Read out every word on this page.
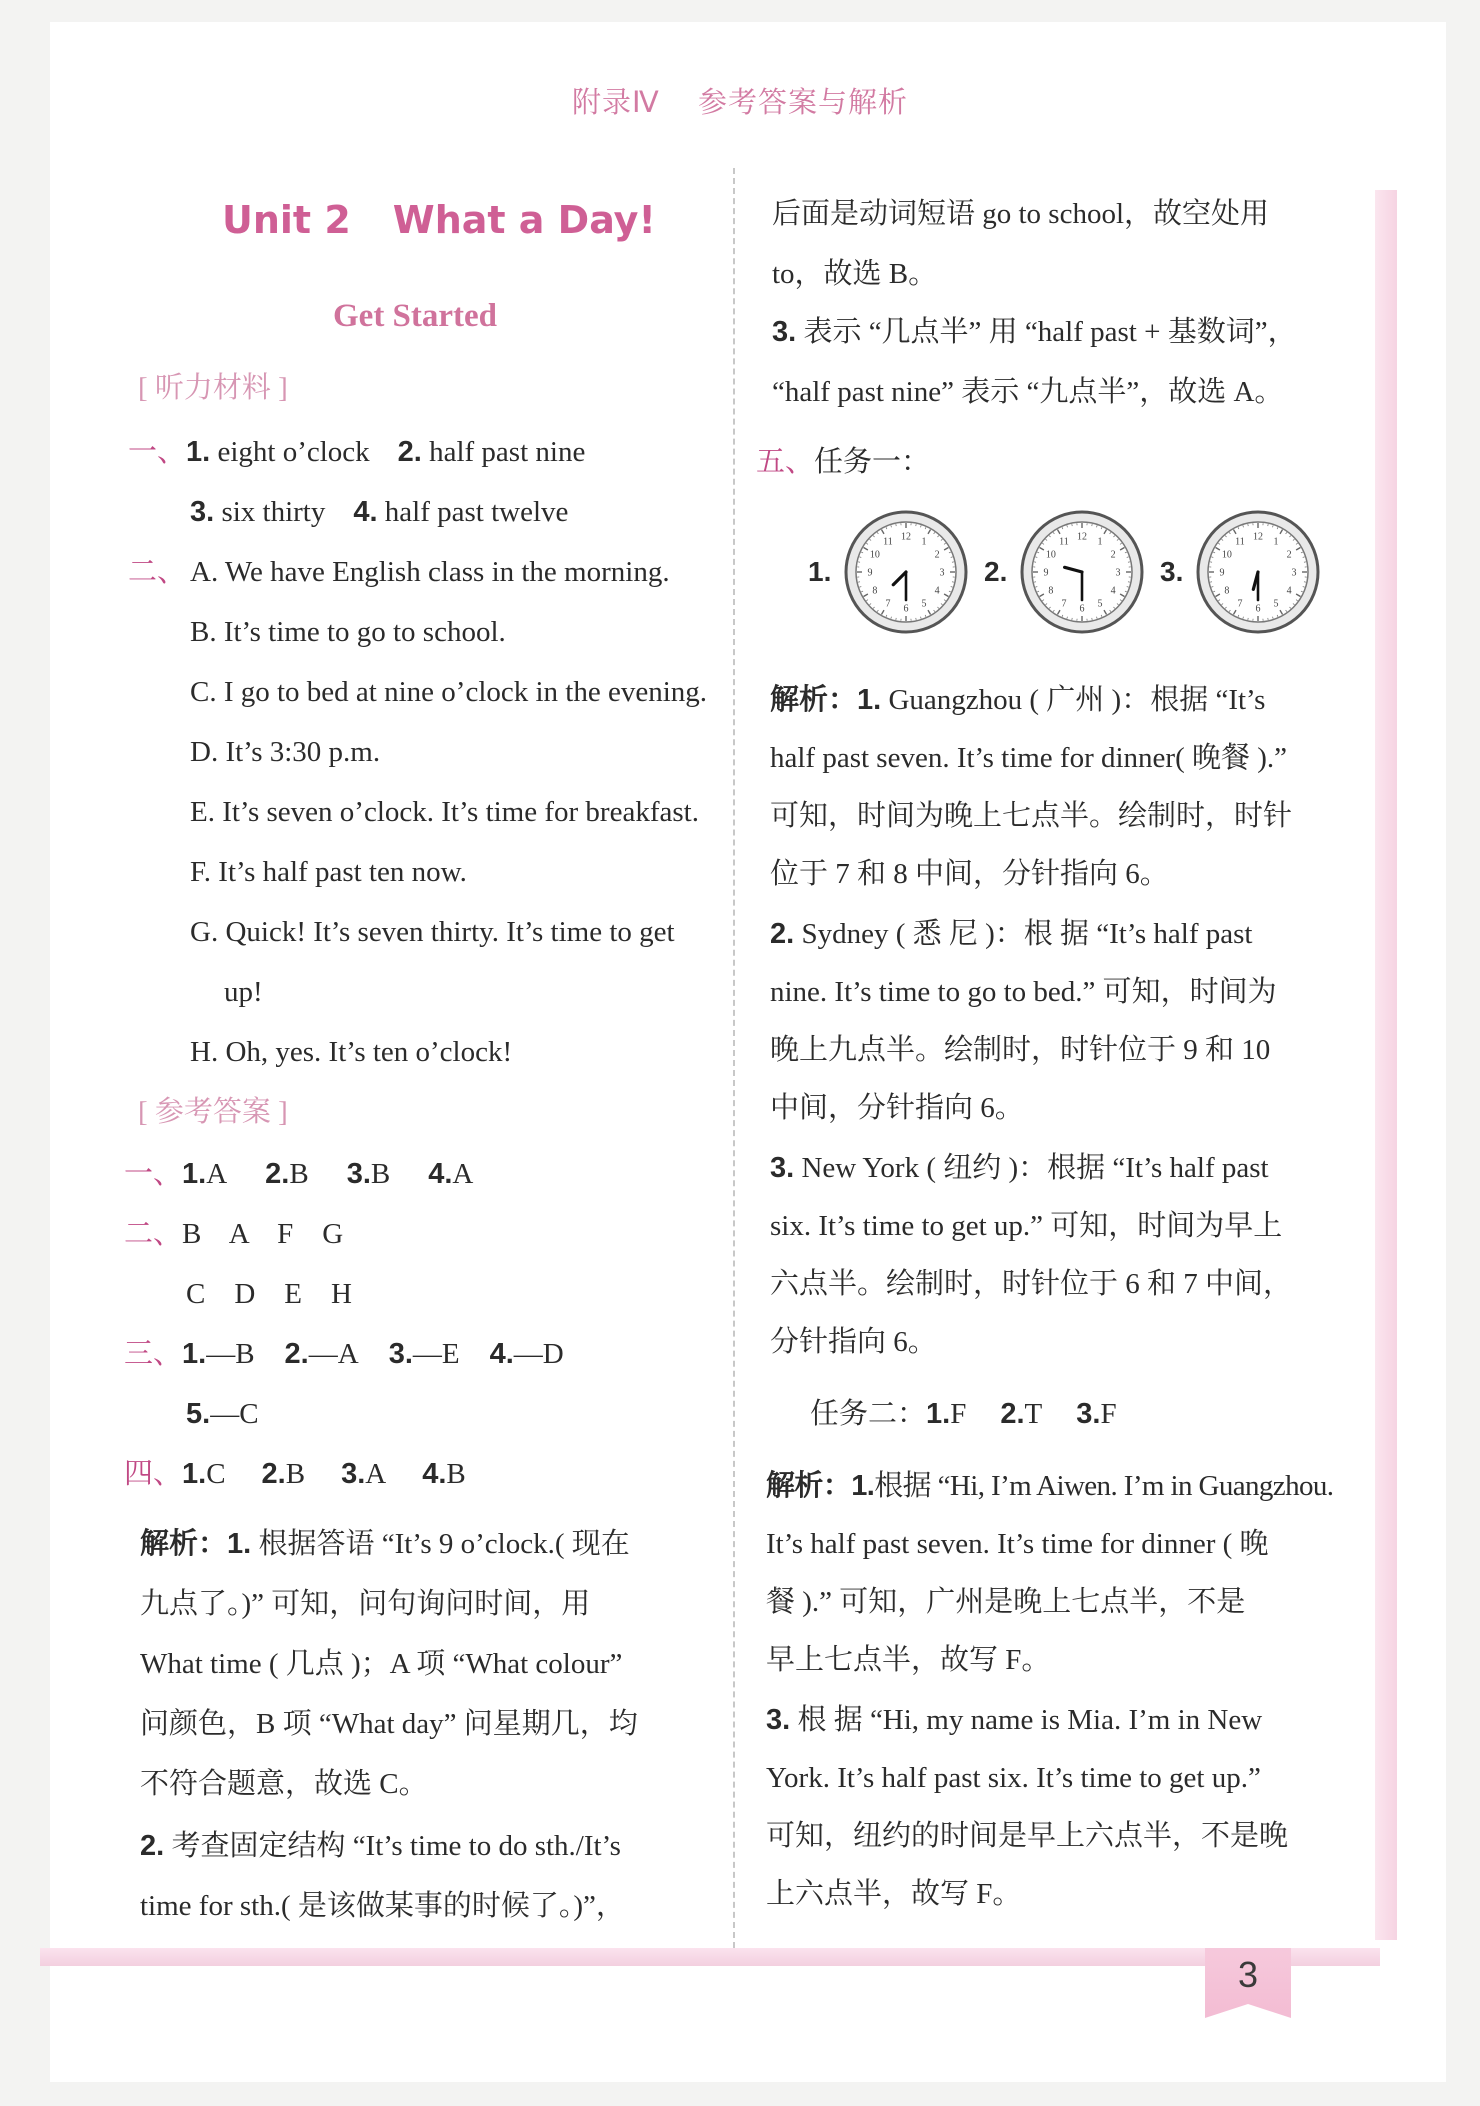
附录Ⅳ 参考答案与解析
Unit 2 What a Day!
Get Started
[ 听力材料 ]
一、1. eight o’clock 2. half past nine
3. six thirty 4. half past twelve
二、 A. We have English class in the morning.
B. It’s time to go to school.
C. I go to bed at nine o’clock in the evening.
D. It’s 3:30 p.m.
E. It’s seven o’clock. It’s time for breakfast.
F. It’s half past ten now.
G. Quick! It’s seven thirty. It’s time to get
up!
H. Oh, yes. It’s ten o’clock!
[ 参考答案 ]
一、1.A 2.B 3.B 4.A
二、B    A    F    G
C    D    E    H
三、1.—B 2.—A 3.—E 4.—D
5.—C
四、1.C 2.B 3.A 4.B
解析：1. 根据答语 “It’s 9 o’clock.( 现在
九点了。)” 可知，问句询问时间，用
What time ( 几点 )；A 项 “What colour”
问颜色，B 项 “What day” 问星期几，均
不符合题意，故选 C。
2. 考查固定结构 “It’s time to do sth./It’s
time for sth.( 是该做某事的时候了。)”，
后面是动词短语 go to school，故空处用
to，故选 B。
3. 表示 “几点半” 用 “half past + 基数词”，
“half past nine” 表示 “九点半”，故选 A。
五、任务一：
1.
1
2
3
4
5
6
7
8
9
10
11 12
2.
1
2
3
4
5
6
7
8
9
10
11 12
3.
1
2
3
4
5
6
7
8
9
10
11 12
解析：1. Guangzhou ( 广州 )：根据 “It’s
half past seven. It’s time for dinner( 晚餐 ).”
可知，时间为晚上七点半。绘制时，时针
位于 7 和 8 中间，分针指向 6。
2. Sydney ( 悉 尼 )：根 据 “It’s half past
nine. It’s time to go to bed.” 可知，时间为
晚上九点半。绘制时，时针位于 9 和 10
中间，分针指向 6。
3. New York ( 纽约 )：根据 “It’s half past
six. It’s time to get up.” 可知，时间为早上
六点半。绘制时，时针位于 6 和 7 中间，
分针指向 6。
任务二：1.F 2.T 3.F
解析：1.根据 “Hi, I’m Aiwen. I’m in Guangzhou.
It’s half past seven. It’s time for dinner ( 晚
餐 ).” 可知，广州是晚上七点半，不是
早上七点半，故写 F。
3. 根 据 “Hi, my name is Mia. I’m in New
York. It’s half past six. It’s time to get up.”
可知，纽约的时间是早上六点半，不是晚
上六点半，故写 F。
3
